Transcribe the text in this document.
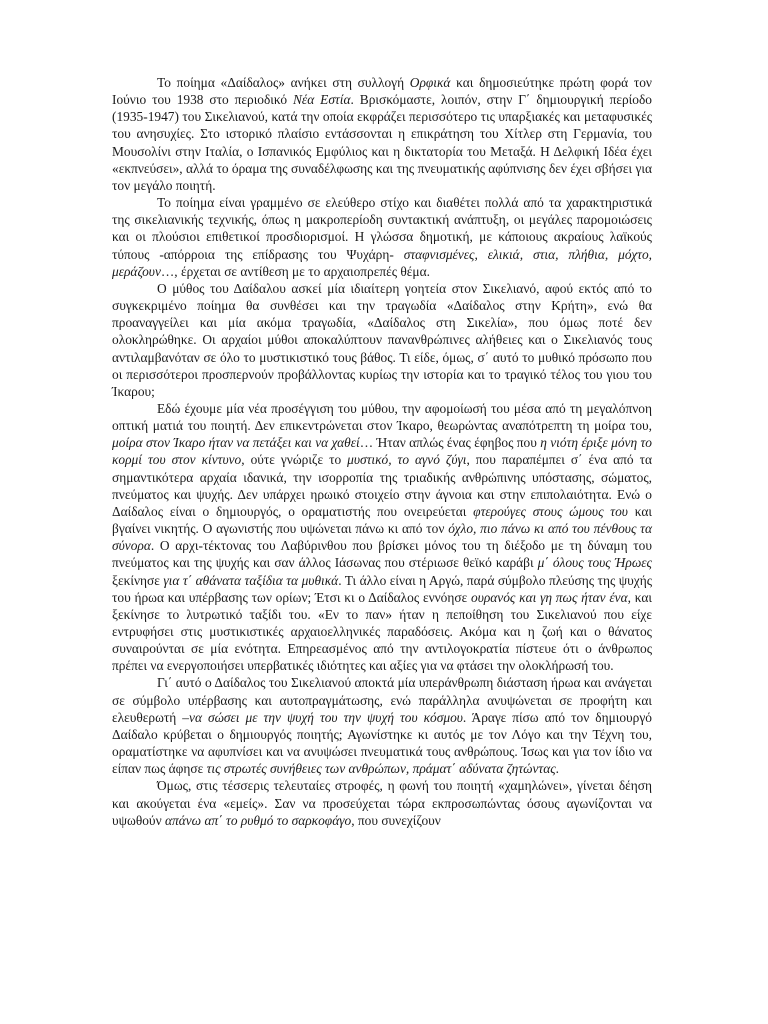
Το ποίημα «Δαίδαλος» ανήκει στη συλλογή Ορφικά και δημοσιεύτηκε πρώτη φορά τον Ιούνιο του 1938 στο περιοδικό Νέα Εστία. Βρισκόμαστε, λοιπόν, στην Γ΄ δημιουργική περίοδο (1935-1947) του Σικελιανού, κατά την οποία εκφράζει περισσότερο τις υπαρξιακές και μεταφυσικές του ανησυχίες. Στο ιστορικό πλαίσιο εντάσσονται η επικράτηση του Χίτλερ στη Γερμανία, του Μουσολίνι στην Ιταλία, ο Ισπανικός Εμφύλιος και η δικτατορία του Μεταξά. Η Δελφική Ιδέα έχει «εκπνεύσει», αλλά το όραμα της συναδέλφωσης και της πνευματικής αφύπνισης δεν έχει σβήσει για τον μεγάλο ποιητή.

Το ποίημα είναι γραμμένο σε ελεύθερο στίχο και διαθέτει πολλά από τα χαρακτηριστικά της σικελιανικής τεχνικής, όπως η μακροπερίοδη συντακτική ανάπτυξη, οι μεγάλες παρομοιώσεις και οι πλούσιοι επιθετικοί προσδιορισμοί. Η γλώσσα δημοτική, με κάποιους ακραίους λαϊκούς τύπους -απόρροια της επίδρασης του Ψυχάρη- σταφνισμένες, ελικιά, στια, πλήθια, μόχτο, μεράζουν…, έρχεται σε αντίθεση με το αρχαιοπρεπές θέμα.

Ο μύθος του Δαίδαλου ασκεί μία ιδιαίτερη γοητεία στον Σικελιανό, αφού εκτός από το συγκεκριμένο ποίημα θα συνθέσει και την τραγωδία «Δαίδαλος στην Κρήτη», ενώ θα προαναγγείλει και μία ακόμα τραγωδία, «Δαίδαλος στη Σικελία», που όμως ποτέ δεν ολοκληρώθηκε. Οι αρχαίοι μύθοι αποκαλύπτουν πανανθρώπινες αλήθειες και ο Σικελιανός τους αντιλαμβανόταν σε όλο το μυστικιστικό τους βάθος. Τι είδε, όμως, σ΄ αυτό το μυθικό πρόσωπο που οι περισσότεροι προσπερνούν προβάλλοντας κυρίως την ιστορία και το τραγικό τέλος του γιου του Ίκαρου;

Εδώ έχουμε μία νέα προσέγγιση του μύθου, την αφομοίωσή του μέσα από τη μεγαλόπνοη οπτική ματιά του ποιητή. Δεν επικεντρώνεται στον Ίκαρο, θεωρώντας αναπότρεπτη τη μοίρα του, μοίρα στον Ίκαρο ήταν να πετάξει και να χαθεί… Ήταν απλώς ένας έφηβος που η νιότη έριξε μόνη το κορμί του στον κίντυνο, ούτε γνώριζε το μυστικό, το αγνό ζύγι, που παραπέμπει σ΄ ένα από τα σημαντικότερα αρχαία ιδανικά, την ισορροπία της τριαδικής ανθρώπινης υπόστασης, σώματος, πνεύματος και ψυχής. Δεν υπάρχει ηρωικό στοιχείο στην άγνοια και στην επιπολαιότητα. Ενώ ο Δαίδαλος είναι ο δημιουργός, ο οραματιστής που ονειρεύεται φτερούγες στους ώμους του και βγαίνει νικητής. Ο αγωνιστής που υψώνεται πάνω κι από τον όχλο, πιο πάνω κι από του πένθους τα σύνορα. Ο αρχι-τέκτονας του Λαβύρινθου που βρίσκει μόνος του τη διέξοδο με τη δύναμη του πνεύματος και της ψυχής και σαν άλλος Ιάσωνας που στέριωσε θεϊκό καράβι μ΄ όλους τους Ήρωες ξεκίνησε για τ΄ αθάνατα ταξίδια τα μυθικά. Τι άλλο είναι η Αργώ, παρά σύμβολο πλεύσης της ψυχής του ήρωα και υπέρβασης των ορίων; Έτσι κι ο Δαίδαλος εννόησε ουρανός και γη πως ήταν ένα, και ξεκίνησε το λυτρωτικό ταξίδι του. «Εν το παν» ήταν η πεποίθηση του Σικελιανού που είχε εντρυφήσει στις μυστικιστικές αρχαιοελληνικές παραδόσεις. Ακόμα και η ζωή και ο θάνατος συναιρούνται σε μία ενότητα. Επηρεασμένος από την αντιλογοκρατία πίστευε ότι ο άνθρωπος πρέπει να ενεργοποιήσει υπερβατικές ιδιότητες και αξίες για να φτάσει την ολοκλήρωσή του.

Γι΄ αυτό ο Δαίδαλος του Σικελιανού αποκτά μία υπεράνθρωπη διάσταση ήρωα και ανάγεται σε σύμβολο υπέρβασης και αυτοπραγμάτωσης, ενώ παράλληλα ανυψώνεται σε προφήτη και ελευθερωτή –να σώσει με την ψυχή του την ψυχή του κόσμου. Άραγε πίσω από τον δημιουργό Δαίδαλο κρύβεται ο δημιουργός ποιητής; Αγωνίστηκε κι αυτός με τον Λόγο και την Τέχνη του, οραματίστηκε να αφυπνίσει και να ανυψώσει πνευματικά τους ανθρώπους. Ίσως και για τον ίδιο να είπαν πως άφησε τις στρωτές συνήθειες των ανθρώπων, πράματ΄ αδύνατα ζητώντας.

Όμως, στις τέσσερις τελευταίες στροφές, η φωνή του ποιητή «χαμηλώνει», γίνεται δέηση και ακούγεται ένα «εμείς». Σαν να προσεύχεται τώρα εκπροσωπώντας όσους αγωνίζονται να υψωθούν απάνω απ΄ το ρυθμό το σαρκοφάγο, που συνεχίζουν
